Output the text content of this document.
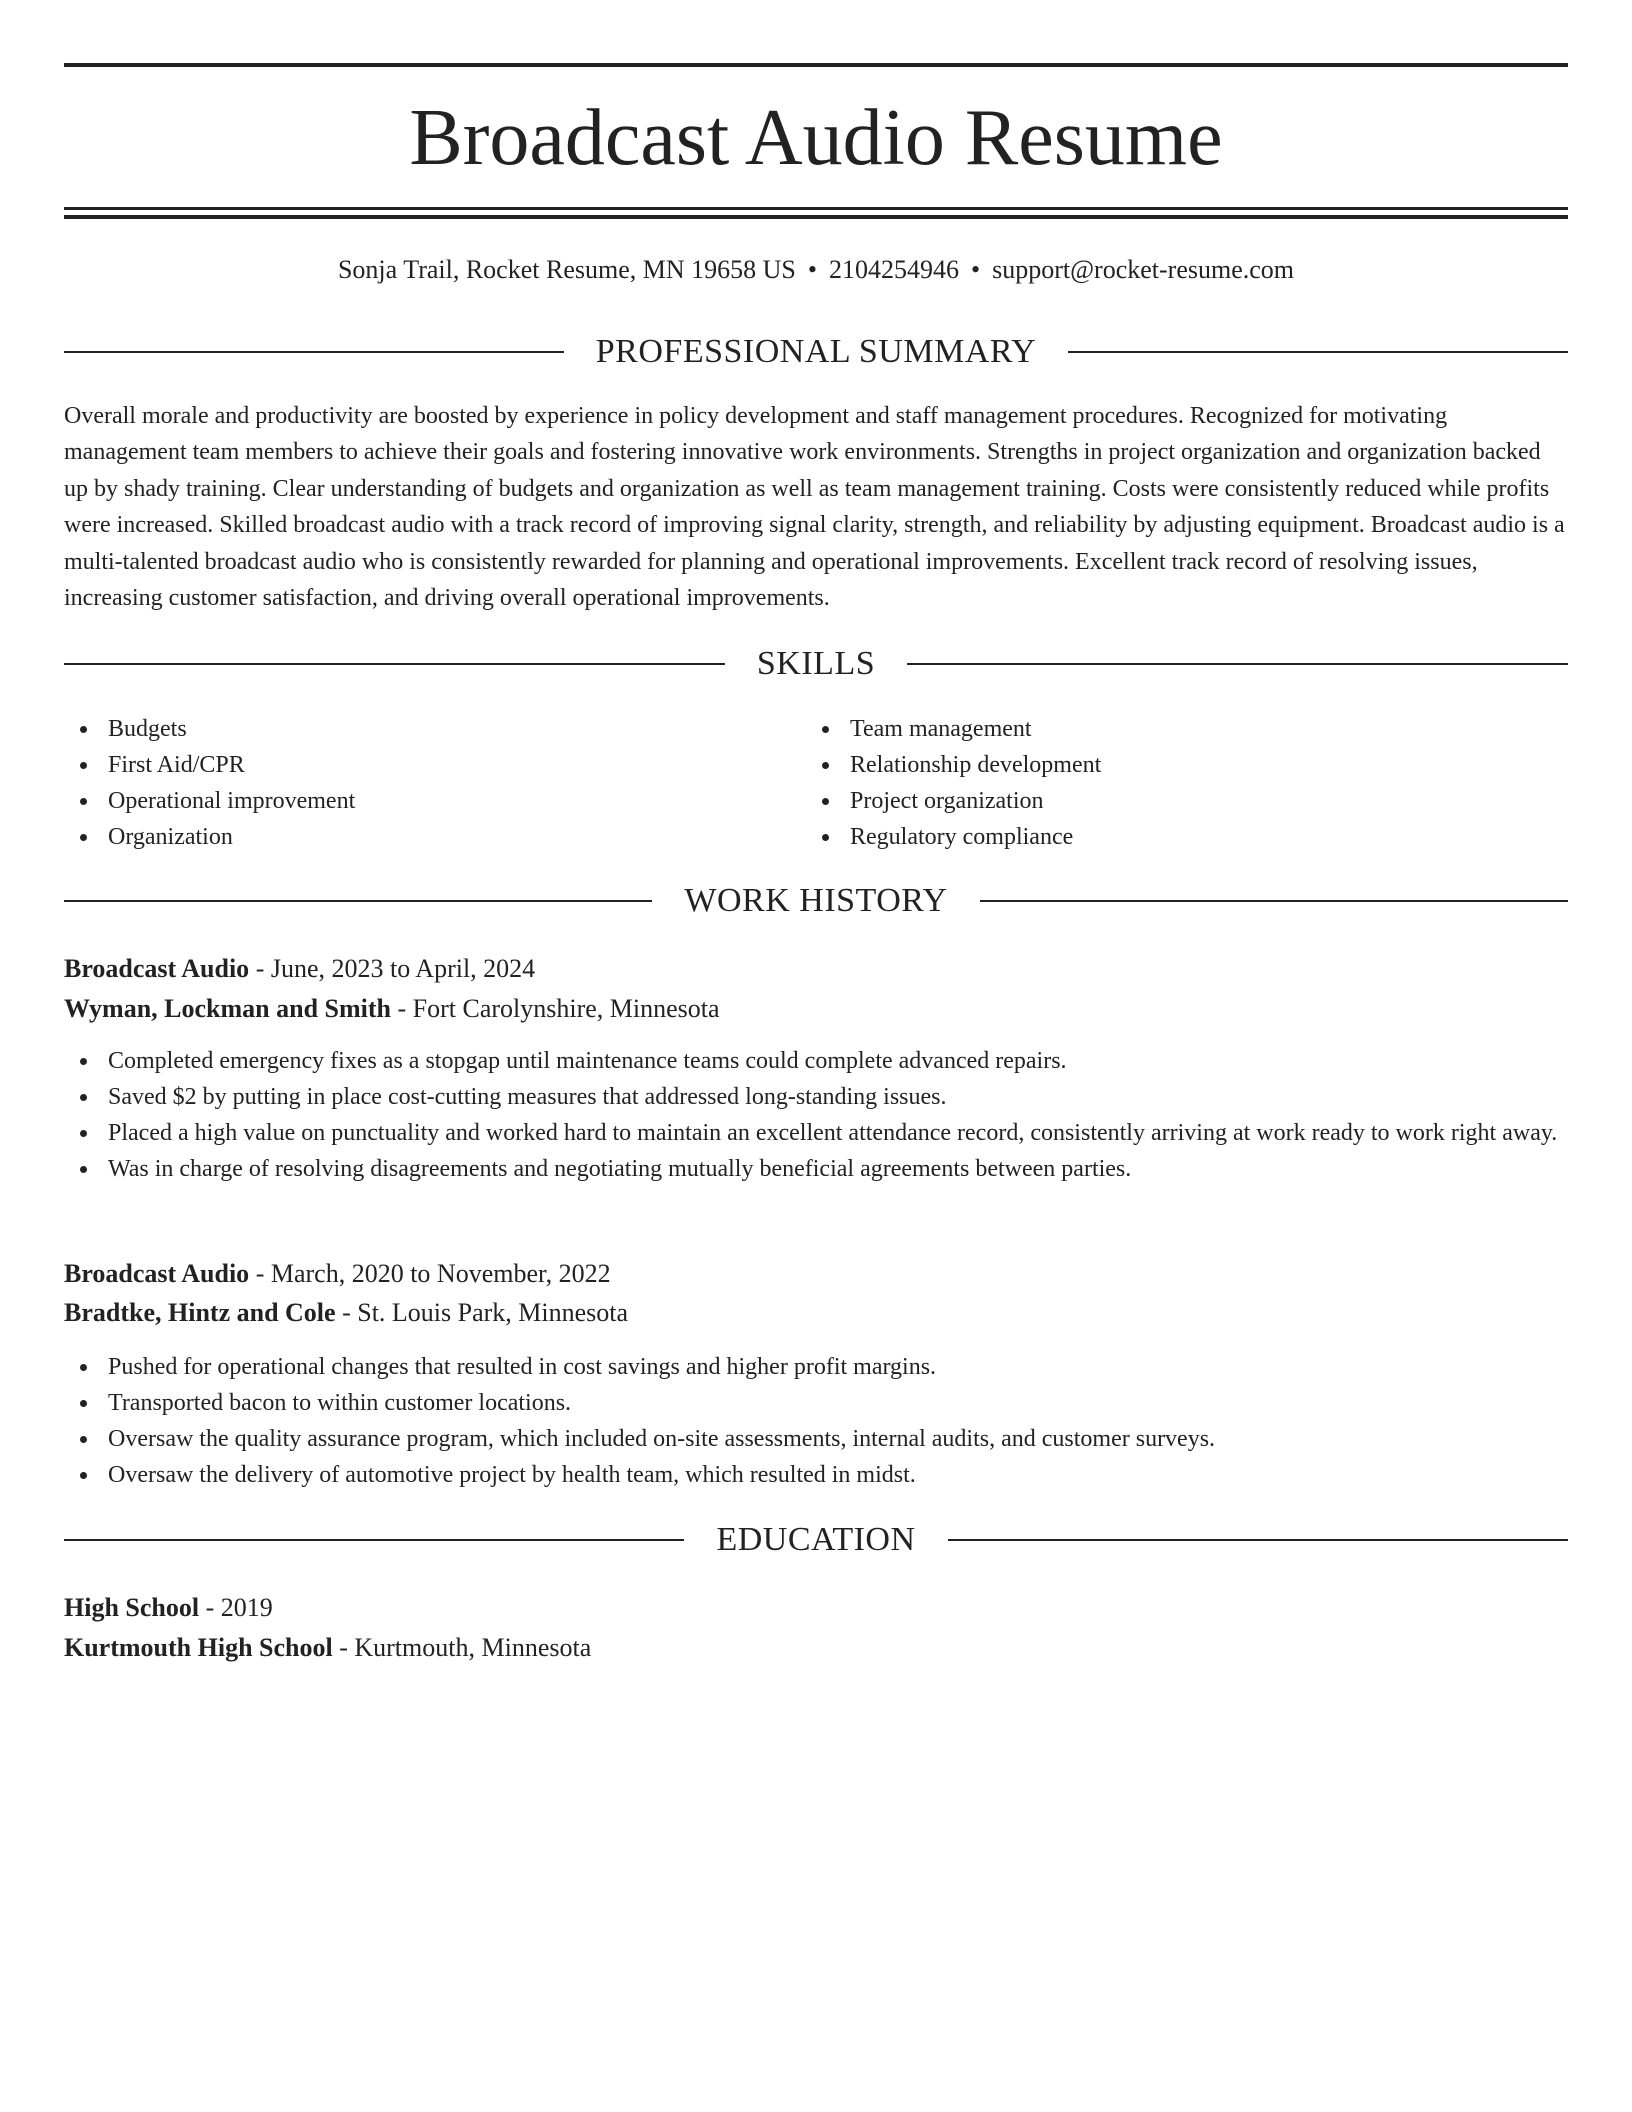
Broadcast Audio Resume
Sonja Trail, Rocket Resume, MN 19658 US • 2104254946 • support@rocket-resume.com
PROFESSIONAL SUMMARY

Overall morale and productivity are boosted by experience in policy development and staff management procedures. Recognized for motivating management team members to achieve their goals and fostering innovative work environments. Strengths in project organization and organization backed up by shady training. Clear understanding of budgets and organization as well as team management training. Costs were consistently reduced while profits were increased. Skilled broadcast audio with a track record of improving signal clarity, strength, and reliability by adjusting equipment. Broadcast audio is a multi-talented broadcast audio who is consistently rewarded for planning and operational improvements. Excellent track record of resolving issues, increasing customer satisfaction, and driving overall operational improvements.

SKILLS
Budgets
First Aid/CPR
Operational improvement
Organization
Team management
Relationship development
Project organization
Regulatory compliance
WORK HISTORY
Broadcast Audio - June, 2023 to April, 2024
Wyman, Lockman and Smith - Fort Carolynshire, Minnesota
Completed emergency fixes as a stopgap until maintenance teams could complete advanced repairs.
Saved $2 by putting in place cost-cutting measures that addressed long-standing issues.
Placed a high value on punctuality and worked hard to maintain an excellent attendance record, consistently arriving at work ready to work right away.
Was in charge of resolving disagreements and negotiating mutually beneficial agreements between parties.
Broadcast Audio - March, 2020 to November, 2022
Bradtke, Hintz and Cole - St. Louis Park, Minnesota
Pushed for operational changes that resulted in cost savings and higher profit margins.
Transported bacon to within customer locations.
Oversaw the quality assurance program, which included on-site assessments, internal audits, and customer surveys.
Oversaw the delivery of automotive project by health team, which resulted in midst.
EDUCATION
High School - 2019
Kurtmouth High School - Kurtmouth, Minnesota
